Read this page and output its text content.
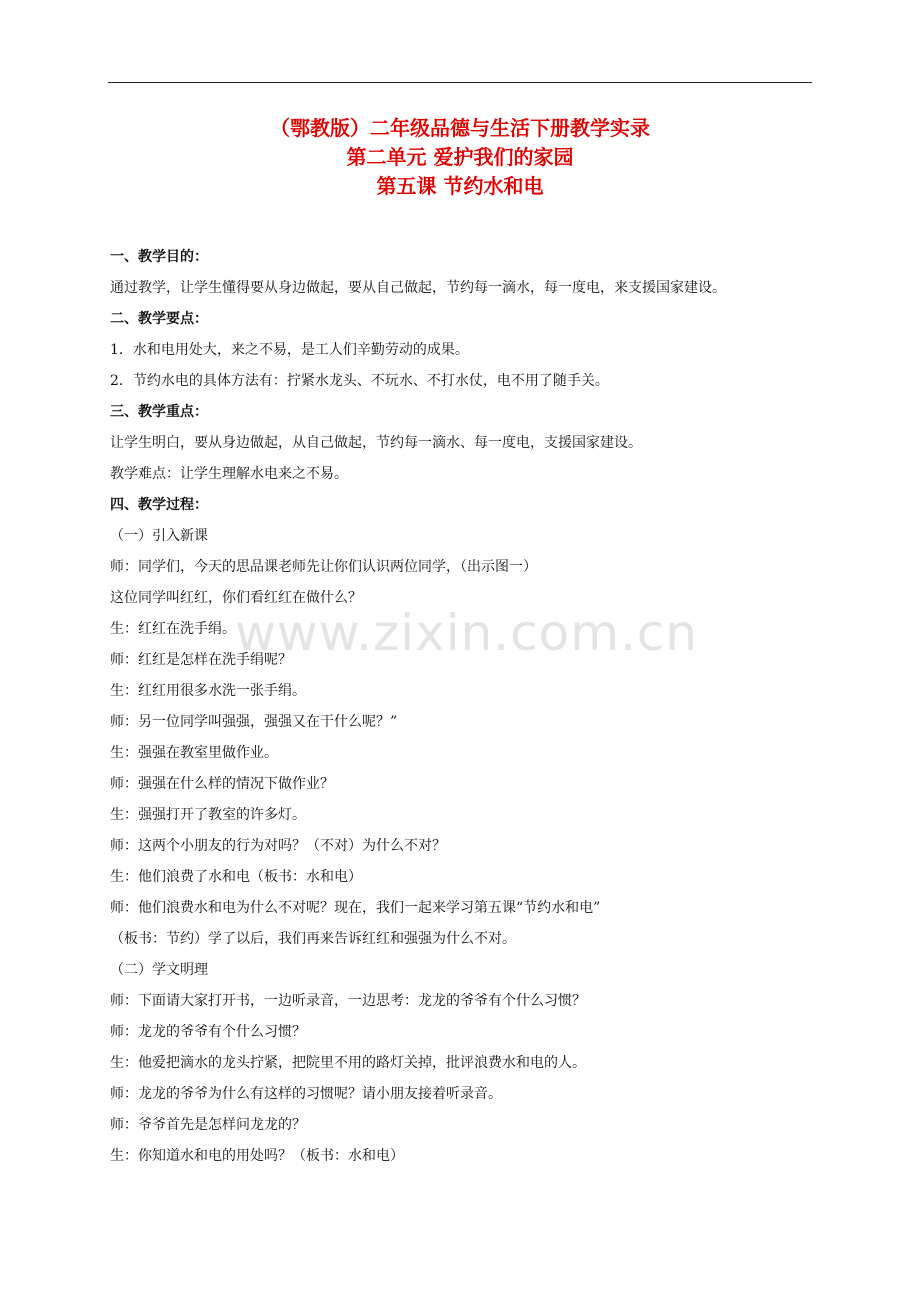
（鄂教版）二年级品德与生活下册教学实录

第二单元 爱护我们的家园

第五课 节约水和电

www.zixin.com.cn

一、教学目的：

通过教学，让学生懂得要从身边做起，要从自己做起，节约每一滴水，每一度电，来支援国家建设。

二、教学要点：

1．水和电用处大，来之不易，是工人们辛勤劳动的成果。

2．节约水电的具体方法有：拧紧水龙头、不玩水、不打水仗，电不用了随手关。

三、教学重点：

让学生明白，要从身边做起，从自己做起，节约每一滴水、每一度电，支援国家建设。

教学难点：让学生理解水电来之不易。

四、教学过程：

（一）引入新课

师：同学们，今天的思品课老师先让你们认识两位同学，（出示图一）

这位同学叫红红，你们看红红在做什么？

生：红红在洗手绢。

师：红红是怎样在洗手绢呢？

生：红红用很多水洗一张手绢。

师：另一位同学叫强强，强强又在干什么呢？”

生：强强在教室里做作业。

师：强强在什么样的情况下做作业？

生：强强打开了教室的许多灯。

师：这两个小朋友的行为对吗？（不对）为什么不对？

生：他们浪费了水和电（板书：水和电）

师：他们浪费水和电为什么不对呢？现在，我们一起来学习第五课“节约水和电”

（板书：节约）学了以后，我们再来告诉红红和强强为什么不对。

（二）学文明理

师：下面请大家打开书，一边听录音，一边思考：龙龙的爷爷有个什么习惯？

师：龙龙的爷爷有个什么习惯？

生：他爱把滴水的龙头拧紧，把院里不用的路灯关掉，批评浪费水和电的人。

师：龙龙的爷爷为什么有这样的习惯呢？请小朋友接着听录音。

师：爷爷首先是怎样问龙龙的？

生：你知道水和电的用处吗？（板书：水和电）
